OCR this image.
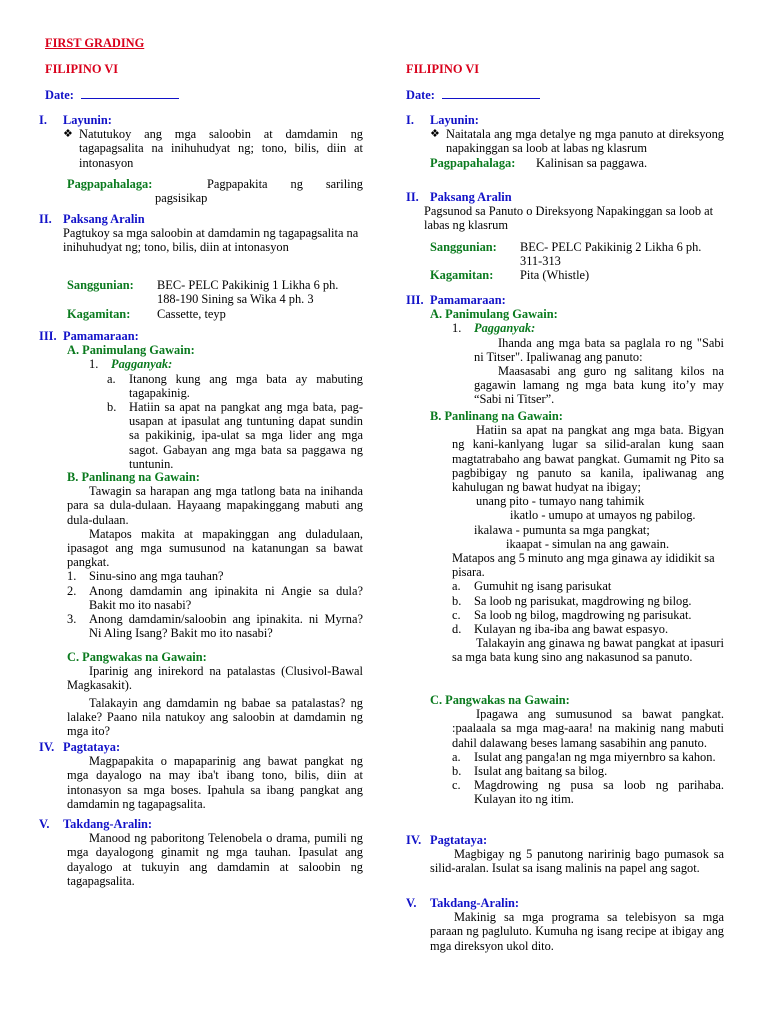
FIRST GRADING
FILIPINO VI
Date:
I. Layunin:
❖ Natutukoy ang mga saloobin at damdamin ng tagapagsalita na inihuhudyat ng; tono, bilis, diin at intonasyon
Pagpapahalaga:	Pagpapakita ng sariling
pagsisikap
II. Paksang Aralin
Pagtukoy sa mga saloobin at damdamin ng tagapagsalita na inihuhudyat ng; tono, bilis, diin at intonasyon
Sanggunian:	BEC- PELC Pakikinig 1 Likha 6 ph. 188-190 Sining sa Wika 4 ph. 3
Kagamitan:	Cassette, teyp
III. Pamamaraan:
A. Panimulang Gawain:
1. Pagganyak:
a.	Itanong kung ang mga bata ay mabuting tagapakinig.
b.	Hatiin sa apat na pangkat ang mga bata, pag-usapan at ipasulat ang tuntuning dapat sundin sa pakikinig, ipa-ulat sa mga lider ang mga sagot. Gabayan ang mga bata sa paggawa ng tuntunin.
B. Panlinang na Gawain:
Tawagin sa harapan ang mga tatlong bata na inihanda para sa dula-dulaan. Hayaang mapakinggang mabuti ang dula-dulaan.
Matapos makita at mapakinggan ang duladulaan, ipasagot ang mga sumusunod na katanungan sa bawat pangkat.
1.	Sinu-sino ang mga tauhan?
2.	Anong damdamin ang ipinakita ni Angie sa dula? Bakit mo ito nasabi?
3.	Anong damdamin/saloobin ang ipinakita. ni Myrna? Ni Aling Isang? Bakit mo ito nasabi?
C. Pangwakas na Gawain:
Iparinig ang inirekord na patalastas (Clusivol-Bawal Magkasakit).
Talakayin ang damdamin ng babae sa patalastas? ng lalake? Paano nila natukoy ang saloobin at damdamin ng mga ito?
IV. Pagtataya:
Magpapakita o mapaparinig ang bawat pangkat ng mga dayalogo na may iba't ibang tono, bilis, diin at intonasyon sa mga boses. Ipahula sa ibang pangkat ang damdamin ng tagapagsalita.
V. Takdang-Aralin:
Manood ng paboritong Telenobela o drama, pumili ng mga dayalogong ginamit ng mga tauhan. Ipasulat ang dayalogo at tukuyin ang damdamin at saloobin ng tagapagsalita.
FILIPINO VI
Date:
I. Layunin:
❖ Naitatala ang mga detalye ng mga panuto at direksyong napakinggan sa loob at labas ng klasrum
Pagpapahalaga:	Kalinisan sa paggawa.
II. Paksang Aralin
Pagsunod sa Panuto o Direksyong Napakinggan sa loob at labas ng klasrum
Sanggunian:	BEC- PELC Pakikinig 2 Likha 6 ph. 311-313
Kagamitan:	Pita (Whistle)
III. Pamamaraan:
A. Panimulang Gawain:
1. Pagganyak:
Ihanda ang mga bata sa paglala ro ng "Sabi ni Titser". Ipaliwanag ang panuto:
Maasasabi ang guro ng salitang kilos na gagawin lamang ng mga bata kung ito’y may “Sabi ni Titser”.
B. Panlinang na Gawain:
Hatiin sa apat na pangkat ang mga bata. Bigyan ng kani-kanlyang lugar sa silid-aralan kung saan magtatrabaho ang bawat pangkat. Gumamit ng Pito sa pagbibigay ng panuto sa kanila, ipaliwanag ang kahulugan ng bawat hudyat na ibigay;
unang pito - tumayo nang tahimik
ikatlo - umupo at umayos ng pabilog.
ikalawa - pumunta sa mga pangkat;
ikaapat - simulan na ang gawain.
Matapos ang 5 minuto ang mga ginawa ay ididikit sa pisara.
a.	Gumuhit ng isang parisukat
b.	Sa loob ng parisukat, magdrowing ng bilog.
c.	Sa loob ng bilog, magdrowing ng parisukat.
d.	Kulayan ng iba-iba ang bawat espasyo.
Talakayin ang ginawa ng bawat pangkat at ipasuri sa mga bata kung sino ang nakasunod sa panuto.
C. Pangwakas na Gawain:
Ipagawa ang sumusunod sa bawat pangkat. :paalaala sa mga mag-aara! na makinig nang mabuti dahil dalawang beses lamang sasabihin ang panuto.
a.	Isulat ang panga!an ng mga miyernbro sa kahon.
b.	Isulat ang baitang sa bilog.
c.	Magdrowing ng pusa sa loob ng parihaba. Kulayan ito ng itim.
IV. Pagtataya:
Magbigay ng 5 panutong naririnig bago pumasok sa silid-aralan. Isulat sa isang malinis na papel ang sagot.
V. Takdang-Aralin:
Makinig sa mga programa sa telebisyon sa mga paraan ng pagluluto. Kumuha ng isang recipe at ibigay ang mga direksyon ukol dito.
